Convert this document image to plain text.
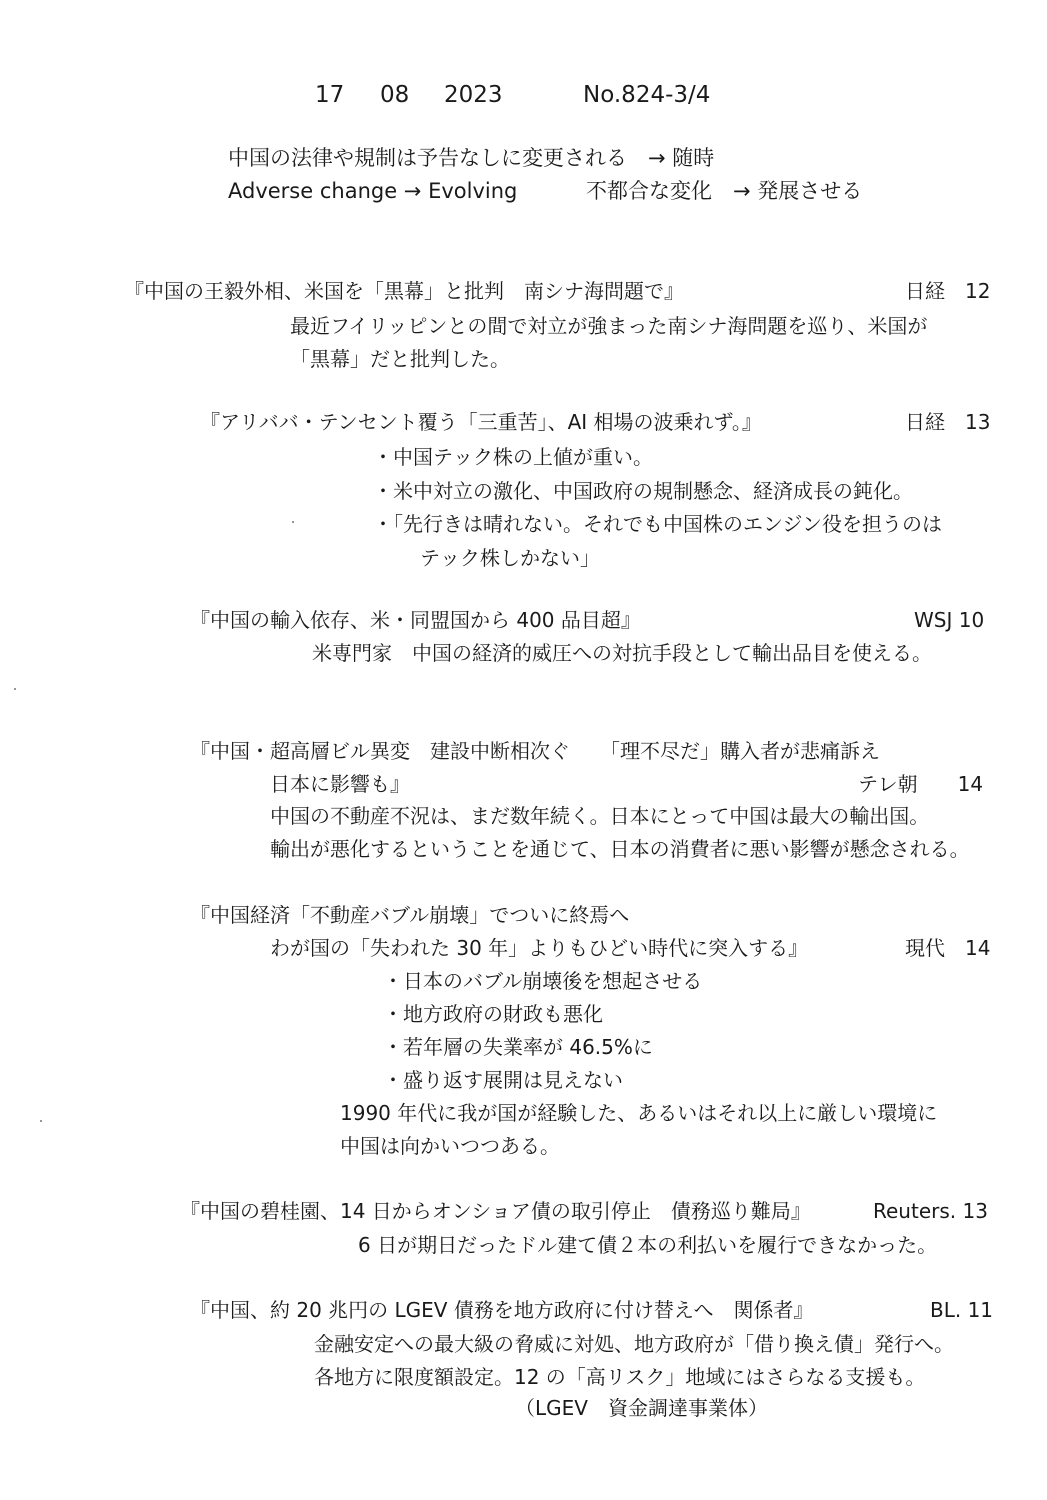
17 08 2023	No.824-3/4
中国の法律や規制は予告なしに変更される　→ 随時
Adverse change → Evolving	不都合な変化　→ 発展させる
『中国の王毅外相、米国を「黒幕」と批判　南シナ海問題で』	日経　12
最近フイリッピンとの間で対立が強まった南シナ海問題を巡り、米国が
「黒幕」だと批判した。
『アリババ・テンセント覆う「三重苦」、AI 相場の波乗れず。』	日経　13
・中国テック株の上値が重い。
・米中対立の激化、中国政府の規制懸念、経済成長の鈍化。
・「先行きは晴れない。それでも中国株のエンジン役を担うのは
テック株しかない」
『中国の輸入依存、米・同盟国から 400 品目超』	WSJ 10
米専門家　中国の経済的威圧への対抗手段として輸出品目を使える。
『中国・超高層ビル異変　建設中断相次ぐ　　「理不尽だ」購入者が悲痛訴え
日本に影響も』	テレ朝　　14
中国の不動産不況は、まだ数年続く。日本にとって中国は最大の輸出国。
輸出が悪化するということを通じて、日本の消費者に悪い影響が懸念される。
『中国経済「不動産バブル崩壊」でついに終焉へ
わが国の「失われた 30 年」よりもひどい時代に突入する』	現代　14
・日本のバブル崩壊後を想起させる
・地方政府の財政も悪化
・若年層の失業率が 46.5%に
・盛り返す展開は見えない
1990 年代に我が国が経験した、あるいはそれ以上に厳しい環境に
中国は向かいつつある。
『中国の碧桂園、14 日からオンショア債の取引停止　債務巡り難局』	Reuters. 13
6 日が期日だったドル建て債２本の利払いを履行できなかった。
『中国、約 20 兆円の LGEV 債務を地方政府に付け替えへ　関係者』	BL. 11
金融安定への最大級の脅威に対処、地方政府が「借り換え債」発行へ。
各地方に限度額設定。12 の「高リスク」地域にはさらなる支援も。
（LGEV　資金調達事業体）
